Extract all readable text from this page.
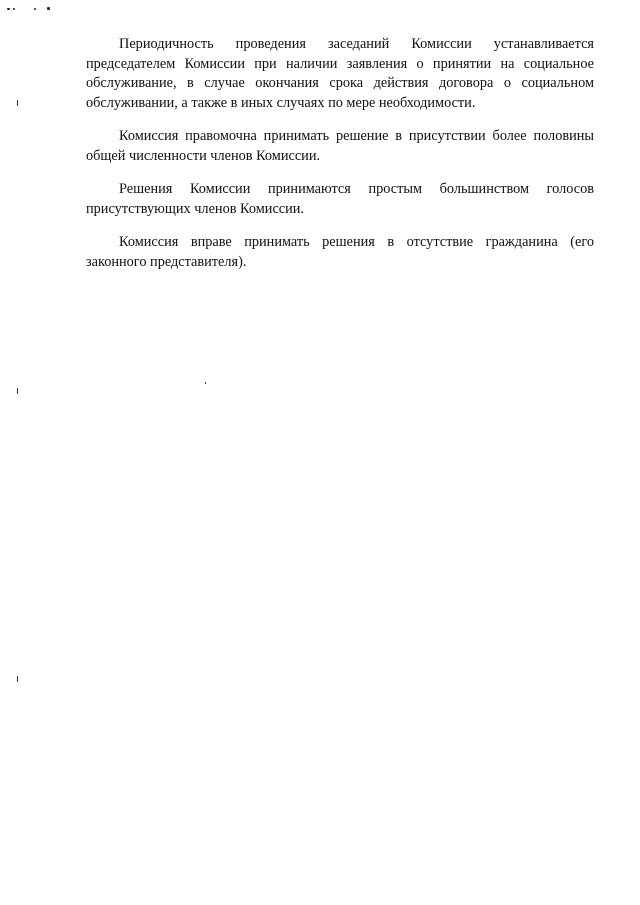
Периодичность проведения заседаний Комиссии устанавливается председателем Комиссии при наличии заявления о принятии на социальное обслуживание, в случае окончания срока действия договора о социальном обслуживании, а также в иных случаях по мере необходимости.

Комиссия правомочна принимать решение в присутствии более половины общей численности членов Комиссии.

Решения Комиссии принимаются простым большинством голосов присутствующих членов Комиссии.

Комиссия вправе принимать решения в отсутствие гражданина (его законного представителя).
